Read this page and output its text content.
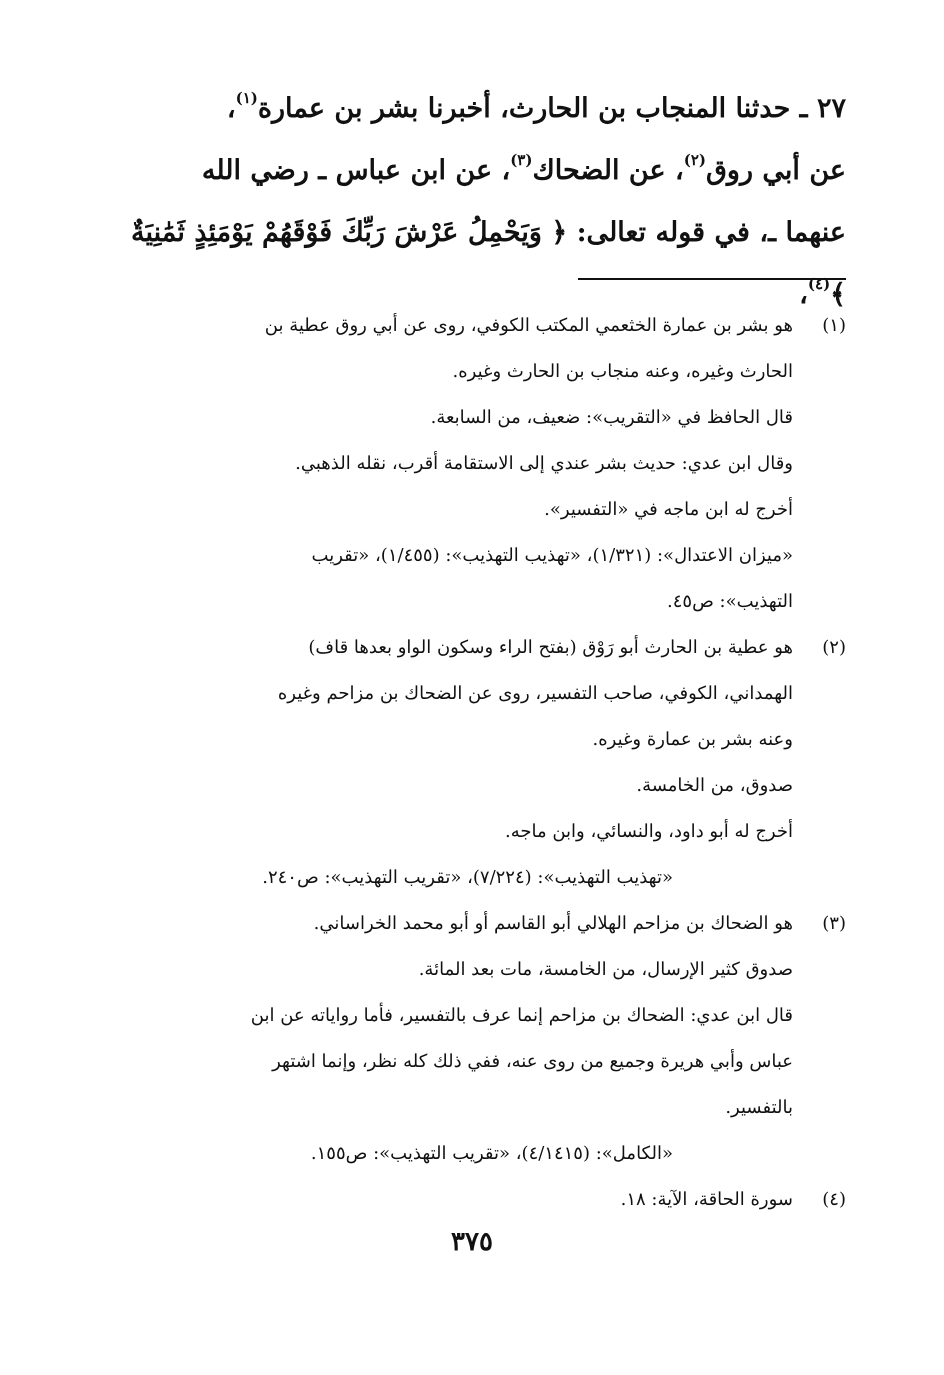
٢٧ ـ حدثنا المنجاب بن الحارث، أخبرنا بشر بن عمارة$^{(١)}$،

عن أبي روق$^{(٢)}$، عن الضحاك$^{(٣)}$، عن ابن عباس ـ رضي الله

عنهما ـ، في قوله تعالى: ﴿ وَيَحْمِلُ عَرْشَ رَبِّكَ فَوْقَهُمْ يَوْمَئِذٍ ثَمَٰنِيَةٌ ﴾$^{(٤)}$،

(١)
هو بشر بن عمارة الخثعمي المكتب الكوفي، روى عن أبي روق عطية بن
الحارث وغيره، وعنه منجاب بن الحارث وغيره.
قال الحافظ في «التقريب»: ضعيف، من السابعة.
وقال ابن عدي: حديث بشر عندي إلى الاستقامة أقرب، نقله الذهبي.
أخرج له ابن ماجه في «التفسير».
«ميزان الاعتدال»: (١/٣٢١)، «تهذيب التهذيب»: (١/٤٥٥)، «تقريب
التهذيب»: ص٤٥.
(٢)
هو عطية بن الحارث أبو رَوْق (بفتح الراء وسكون الواو بعدها قاف)
الهمداني، الكوفي، صاحب التفسير، روى عن الضحاك بن مزاحم وغيره
وعنه بشر بن عمارة وغيره.
صدوق، من الخامسة.
أخرج له أبو داود، والنسائي، وابن ماجه.
«تهذيب التهذيب»: (٧/٢٢٤)، «تقريب التهذيب»: ص٢٤٠.
(٣)
هو الضحاك بن مزاحم الهلالي أبو القاسم أو أبو محمد الخراساني.
صدوق كثير الإرسال، من الخامسة، مات بعد المائة.
قال ابن عدي: الضحاك بن مزاحم إنما عرف بالتفسير، فأما رواياته عن ابن
عباس وأبي هريرة وجميع من روى عنه، ففي ذلك كله نظر، وإنما اشتهر
بالتفسير.
«الكامل»: (٤/١٤١٥)، «تقريب التهذيب»: ص١٥٥.
(٤)
سورة الحاقة، الآية: ١٨.
٣٧٥
